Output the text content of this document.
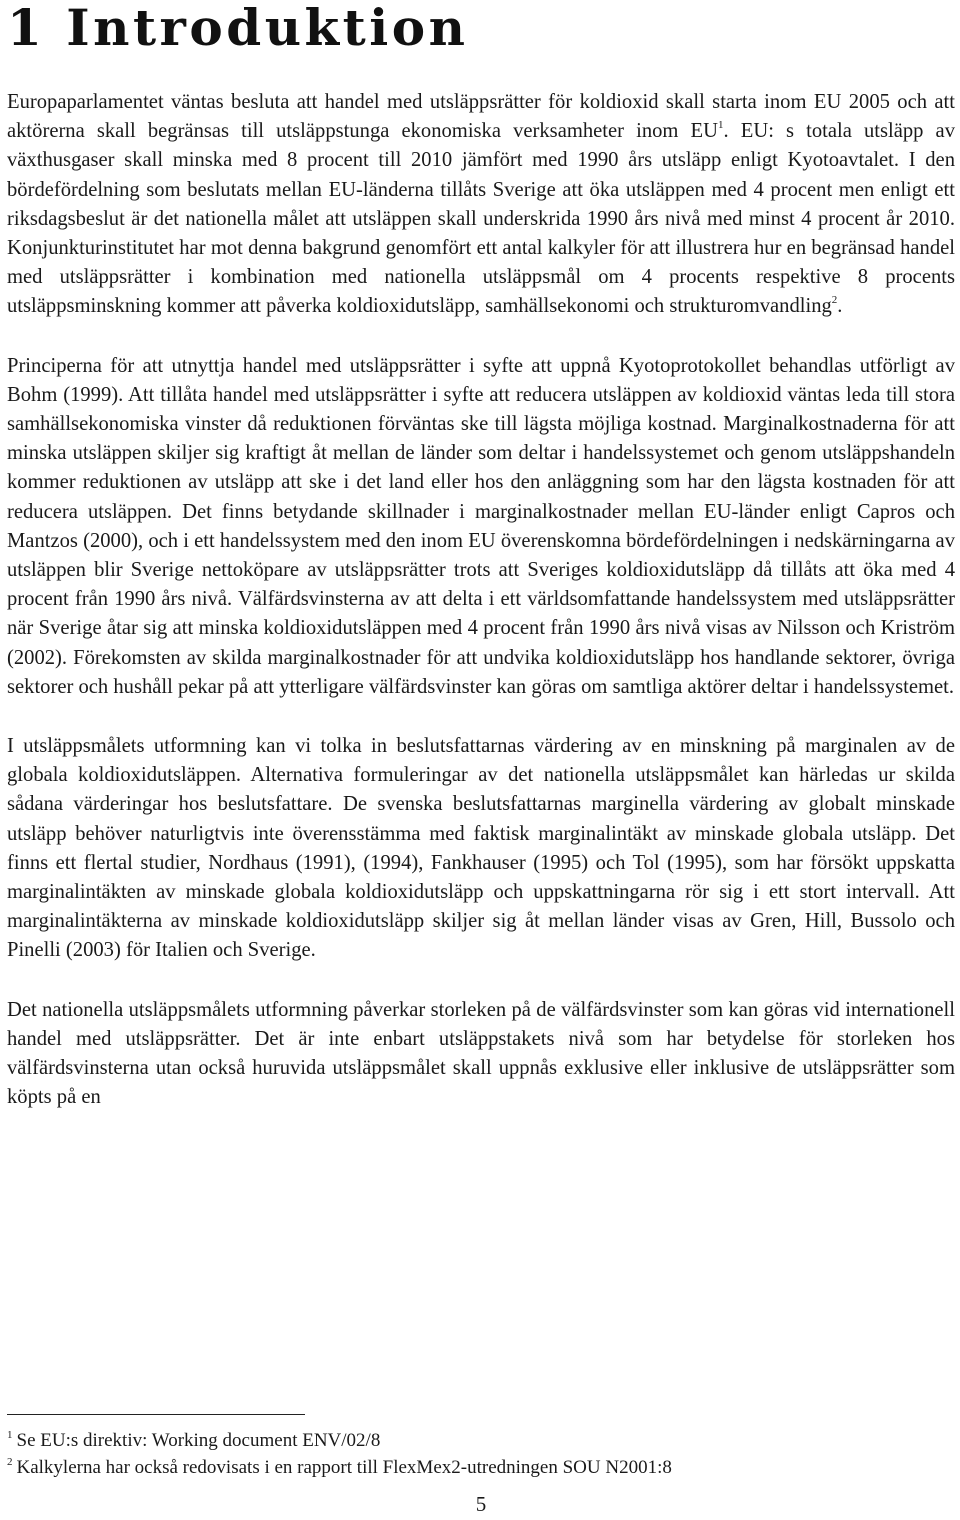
1 Introduktion

Europaparlamentet väntas besluta att handel med utsläppsrätter för koldioxid skall starta inom EU 2005 och att aktörerna skall begränsas till utsläppstunga ekonomiska verksamheter inom $EU^1$. EU: s totala utsläpp av växthusgaser skall minska med 8 procent till 2010 jämfört med 1990 års utsläpp enligt Kyotoavtalet. I den bördefördelning som beslutats mellan EU-länderna tillåts Sverige att öka utsläppen med 4 procent men enligt ett riksdagsbeslut är det nationella målet att utsläppen skall underskrida 1990 års nivå med minst 4 procent år 2010. Konjunkturinstitutet har mot denna bakgrund genomfört ett antal kalkyler för att illustrera hur en begränsad handel med utsläppsrätter i kombination med nationella utsläppsmål om 4 procents respektive 8 procents utsläppsminskning kommer att påverka koldioxidutsläpp, samhällsekonomi och strukturomvandling$^2$.

Principerna för att utnyttja handel med utsläppsrätter i syfte att uppnå Kyotoprotokollet behandlas utförligt av Bohm (1999). Att tillåta handel med utsläppsrätter i syfte att reducera utsläppen av koldioxid väntas leda till stora samhällsekonomiska vinster då reduktionen förväntas ske till lägsta möjliga kostnad. Marginalkostnaderna för att minska utsläppen skiljer sig kraftigt åt mellan de länder som deltar i handelssystemet och genom utsläppshandeln kommer reduktionen av utsläpp att ske i det land eller hos den anläggning som har den lägsta kostnaden för att reducera utsläppen. Det finns betydande skillnader i marginalkostnader mellan EU-länder enligt Capros och Mantzos (2000), och i ett handelssystem med den inom EU överenskomna bördefördelningen i nedskärningarna av utsläppen blir Sverige nettoköpare av utsläppsrätter trots att Sveriges koldioxidutsläpp då tillåts att öka med 4 procent från 1990 års nivå. Välfärdsvinsterna av att delta i ett världsomfattande handelssystem med utsläppsrätter när Sverige åtar sig att minska koldioxidutsläppen med 4 procent från 1990 års nivå visas av Nilsson och Kriström (2002). Förekomsten av skilda marginalkostnader för att undvika koldioxidutsläpp hos handlande sektorer, övriga sektorer och hushåll pekar på att ytterligare välfärdsvinster kan göras om samtliga aktörer deltar i handelssystemet.

I utsläppsmålets utformning kan vi tolka in beslutsfattarnas värdering av en minskning på marginalen av de globala koldioxidutsläppen. Alternativa formuleringar av det nationella utsläppsmålet kan härledas ur skilda sådana värderingar hos beslutsfattare. De svenska beslutsfattarnas marginella värdering av globalt minskade utsläpp behöver naturligtvis inte överensstämma med faktisk marginalintäkt av minskade globala utsläpp. Det finns ett flertal studier, Nordhaus (1991), (1994), Fankhauser (1995) och Tol (1995), som har försökt uppskatta marginalintäkten av minskade globala koldioxidutsläpp och uppskattningarna rör sig i ett stort intervall. Att marginalintäkterna av minskade koldioxidutsläpp skiljer sig åt mellan länder visas av Gren, Hill, Bussolo och Pinelli (2003) för Italien och Sverige.

Det nationella utsläppsmålets utformning påverkar storleken på de välfärdsvinster som kan göras vid internationell handel med utsläppsrätter. Det är inte enbart utsläppstakets nivå som har betydelse för storleken hos välfärdsvinsterna utan också huruvida utsläppsmålet skall uppnås exklusive eller inklusive de utsläppsrätter som köpts på en

$^1$ Se EU:s direktiv: Working document ENV/02/8
$^2$ Kalkylerna har också redovisats i en rapport till FlexMex2-utredningen SOU N2001:8
5
